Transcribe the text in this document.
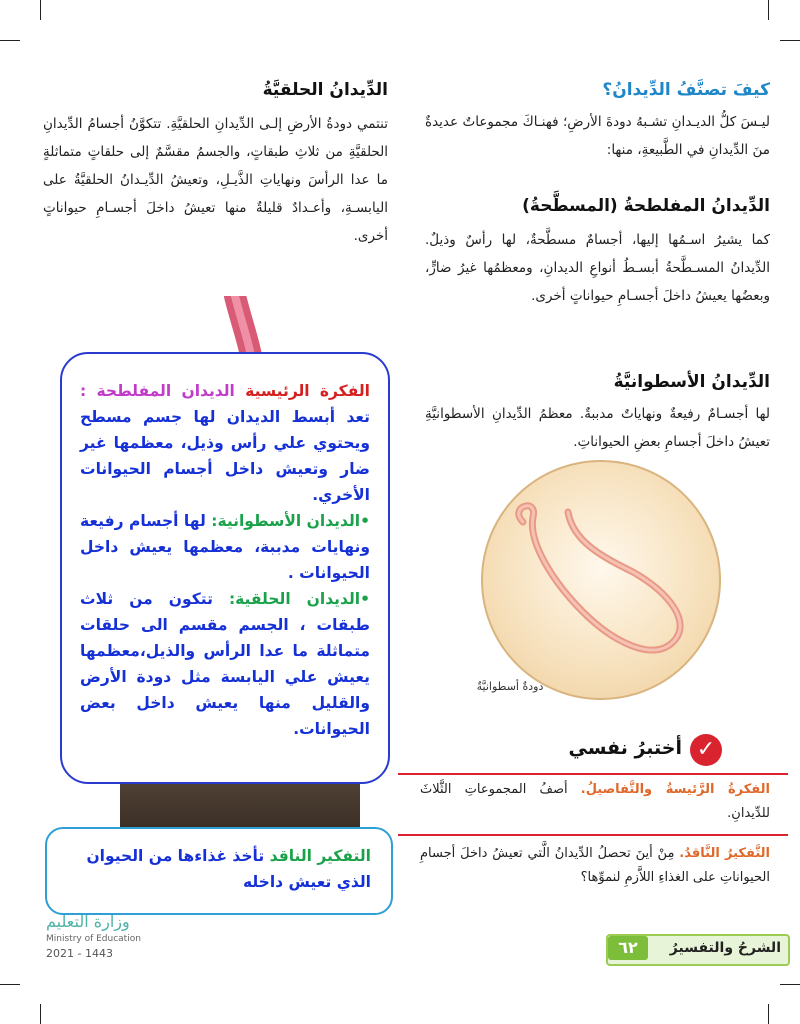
كيفَ تصنَّفُ الدِّيدانُ؟
ليـسَ كلُّ الديـدانِ تشـبهُ دودةَ الأرضِ؛ فهنـاكَ مجموعاتٌ عديدةٌ منَ الدِّيدانِ في الطَّبيعةِ، منها:
الدِّيدانُ المفلطحةُ (المسطَّحةُ)
كما يشيرُ اسـمُها إليها، أجسامٌ مسطَّحةٌ، لها رأسٌ وذيلٌ. الدِّيدانُ المسـطَّحةُ أبسـطُ أنواعِ الديدانِ، ومعظمُها غيرُ ضارٍّ، وبعضُها يعيشُ داخلَ أجسـامِ حيواناتٍ أخرى.
الدِّيدانُ الأسطوانيَّةُ
لها أجسـامٌ رفيعةٌ ونهاياتٌ مدببةٌ. معظمُ الدِّيدانِ الأسطوانيَّةِ تعيشُ داخلَ أجسامِ بعضِ الحيواناتِ.
دودةٌ أسطوانيَّةٌ
الدِّيدانُ الحلقيَّةُ
تنتمي دودةُ الأرضِ إلـى الدِّيدانِ الحلقيَّةِ. تتكوَّنُ أجسامُ الدِّيدانِ الحلقيَّةِ من ثلاثِ طبقاتٍ، والجسمُ مقسَّمٌ إلى حلقاتٍ متماثلةٍ ما عدا الرأسَ ونهاياتِ الذَّيـلِ، وتعيشُ الدِّيـدانُ الحلقيَّةُ على اليابسـةِ، وأعـدادٌ قليلةٌ منها تعيشُ داخلَ أجسـامِ حيواناتٍ أخرى.

الفكرة الرئيسية الديدان المفلطحة : تعد أبسط الديدان لها جسم مسطح ويحتوي علي رأس وذيل، معظمها غير ضار وتعيش داخل أجسام الحيوانات الأخري.
•الديدان الأسطوانية: لها أجسام رفيعة ونهايات مدببة، معظمها يعيش داخل الحيوانات .
•الديدان الحلقية: تتكون من ثلاث طبقات ، الجسم مقسم الى حلقات متماثلة ما عدا الرأس والذيل،معظمها يعيش علي اليابسة مثل دودة الأرض والقليل منها يعيش داخل بعض الحيوانات.

التفكير الناقد تأخذ غذاءها من الحيوان الذي تعيش داخله

✓
أختبرُ نفسي
الفكرةُ الرَّئيسةُ والتَّفاصيلُ. أصفُ المجموعاتِ الثَّلاثَ للدِّيدانِ.
التَّفكيرُ النَّاقدُ. مِنْ أينَ تحصلُ الدِّيدانُ الَّتي تعيشُ داخلَ أجسامِ الحيواناتِ على الغذاءِ اللاَّزمِ لنموِّها؟
٦٢	الشرحُ والتفسيرُ
وزارة التعليم
Ministry of Education
2021 - 1443
